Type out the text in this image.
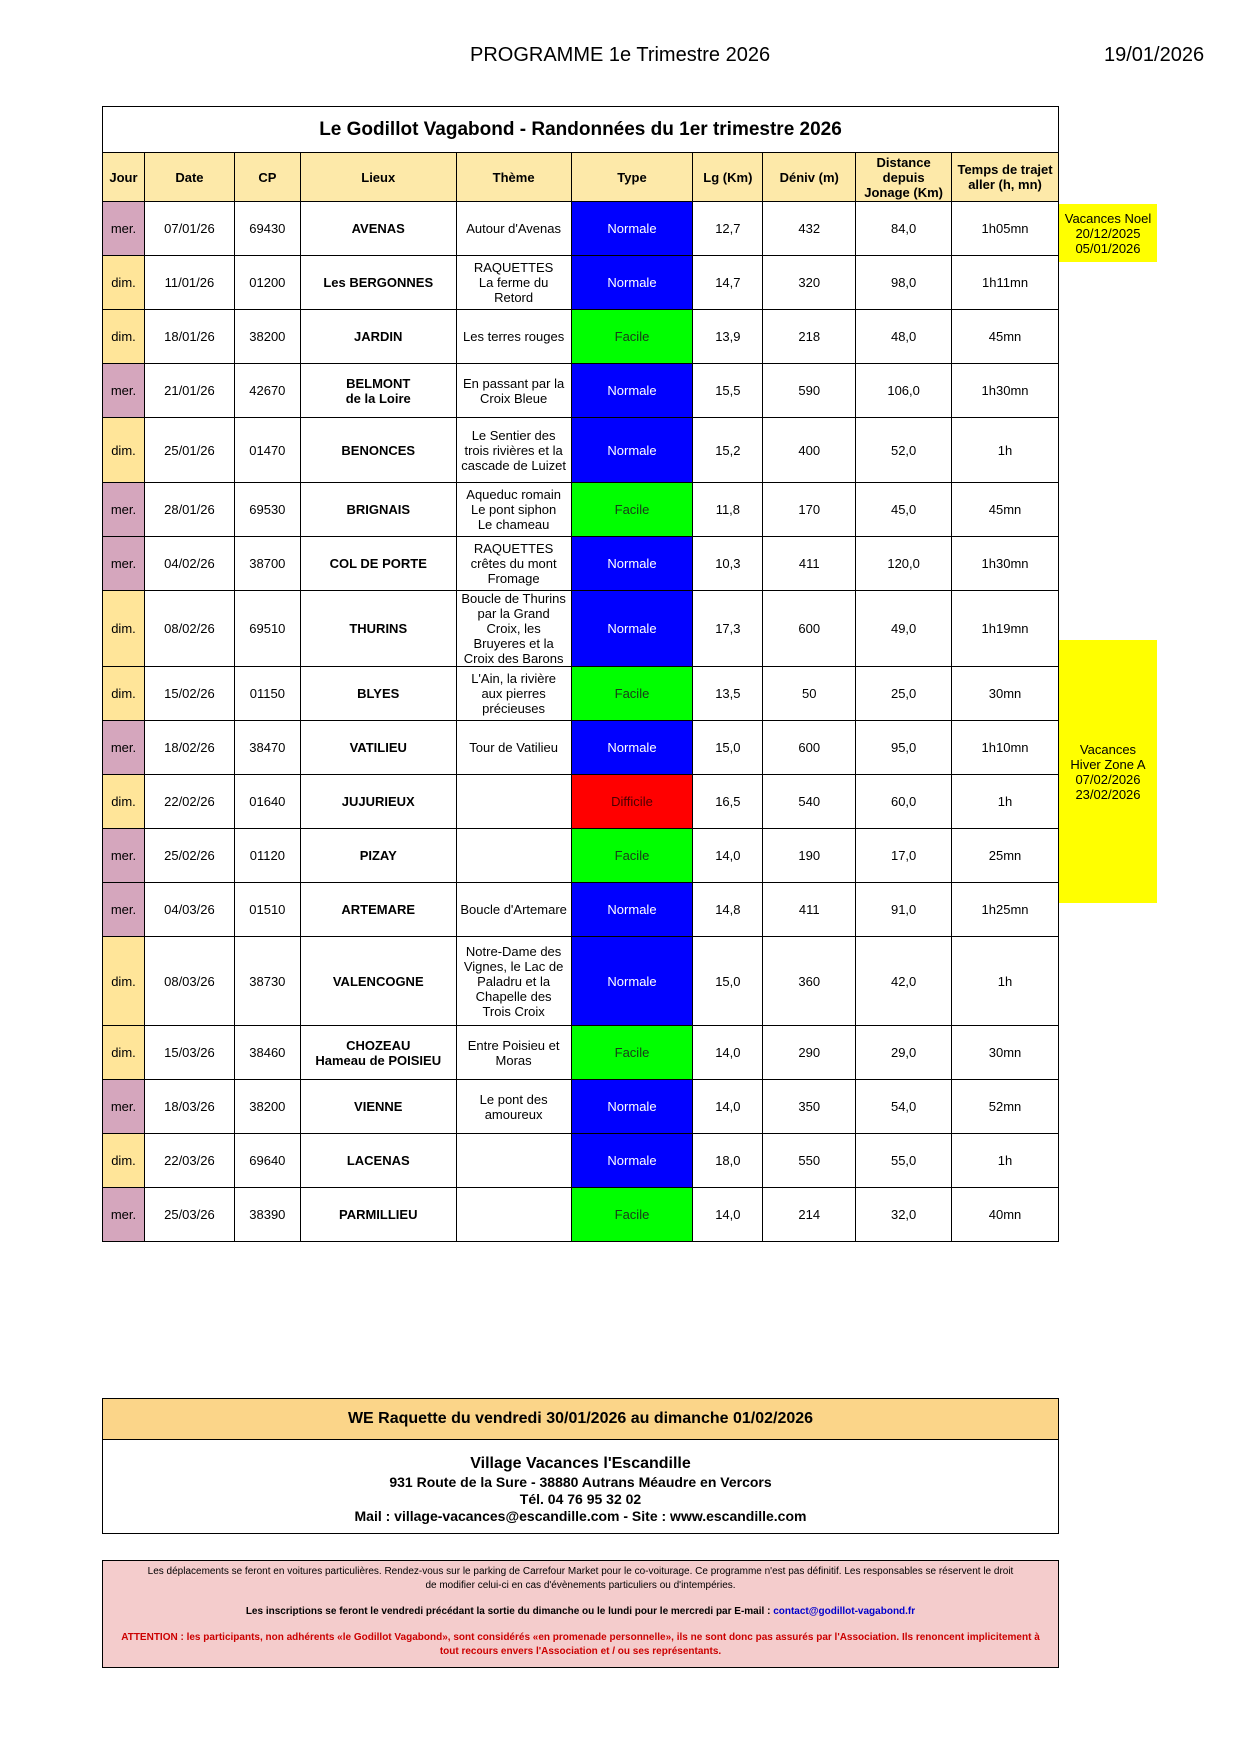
PROGRAMME 1e Trimestre 2026	19/01/2026
Le Godillot Vagabond - Randonnées du 1er trimestre 2026
Jour	Date	CP	Lieux	Thème	Type	Lg (Km)	Déniv (m)	Distance depuis Jonage (Km)	Temps de trajet aller (h, mn)
mer.	07/01/26	69430	AVENAS	Autour d'Avenas	Normale	12,7	432	84,0	1h05mn
dim.	11/01/26	01200	Les BERGONNES	RAQUETTES
La ferme du
Retord	Normale	14,7	320	98,0	1h11mn
dim.	18/01/26	38200	JARDIN	Les terres rouges	Facile	13,9	218	48,0	45mn
mer.	21/01/26	42670	BELMONT
de la Loire	En passant par la
Croix Bleue	Normale	15,5	590	106,0	1h30mn
dim.	25/01/26	01470	BENONCES	Le Sentier des
trois rivières et la
cascade de Luizet	Normale	15,2	400	52,0	1h
mer.	28/01/26	69530	BRIGNAIS	Aqueduc romain
Le pont siphon
Le chameau	Facile	11,8	170	45,0	45mn
mer.	04/02/26	38700	COL DE PORTE	RAQUETTES
crêtes du mont
Fromage	Normale	10,3	411	120,0	1h30mn
dim.	08/02/26	69510	THURINS	Boucle de Thurins
par la Grand
Croix, les
Bruyeres et la
Croix des Barons	Normale	17,3	600	49,0	1h19mn
dim.	15/02/26	01150	BLYES	L'Ain, la rivière
aux pierres
précieuses	Facile	13,5	50	25,0	30mn
mer.	18/02/26	38470	VATILIEU	Tour de Vatilieu	Normale	15,0	600	95,0	1h10mn
dim.	22/02/26	01640	JUJURIEUX		Difficile	16,5	540	60,0	1h
mer.	25/02/26	01120	PIZAY		Facile	14,0	190	17,0	25mn
mer.	04/03/26	01510	ARTEMARE	Boucle d'Artemare	Normale	14,8	411	91,0	1h25mn
dim.	08/03/26	38730	VALENCOGNE	Notre-Dame des
Vignes, le Lac de
Paladru et la
Chapelle des
Trois Croix	Normale	15,0	360	42,0	1h
dim.	15/03/26	38460	CHOZEAU
Hameau de POISIEU	Entre Poisieu et
Moras	Facile	14,0	290	29,0	30mn
mer.	18/03/26	38200	VIENNE	Le pont des
amoureux	Normale	14,0	350	54,0	52mn
dim.	22/03/26	69640	LACENAS		Normale	18,0	550	55,0	1h
mer.	25/03/26	38390	PARMILLIEU		Facile	14,0	214	32,0	40mn
Vacances Noel
20/12/2025
05/01/2026
Vacances
Hiver Zone A
07/02/2026
23/02/2026
WE Raquette du vendredi 30/01/2026 au dimanche 01/02/2026
Village Vacances l'Escandille
931 Route de la Sure - 38880 Autrans Méaudre en Vercors
Tél. 04 76 95 32 02
Mail : village-vacances@escandille.com - Site : www.escandille.com

Les déplacements se feront en voitures particulières. Rendez-vous sur le parking de Carrefour Market pour le co-voiturage. Ce programme n'est pas définitif. Les responsables se réservent le droit

de modifier celui-ci en cas d'évènements particuliers ou d'intempéries.

Les inscriptions se feront le vendredi précédant la sortie du dimanche ou le lundi pour le mercredi par E-mail : contact@godillot-vagabond.fr

ATTENTION : les participants, non adhérents «le Godillot Vagabond», sont considérés «en promenade personnelle», ils ne sont donc pas assurés par l'Association. Ils renoncent implicitement à

tout recours envers l'Association et / ou ses représentants.
